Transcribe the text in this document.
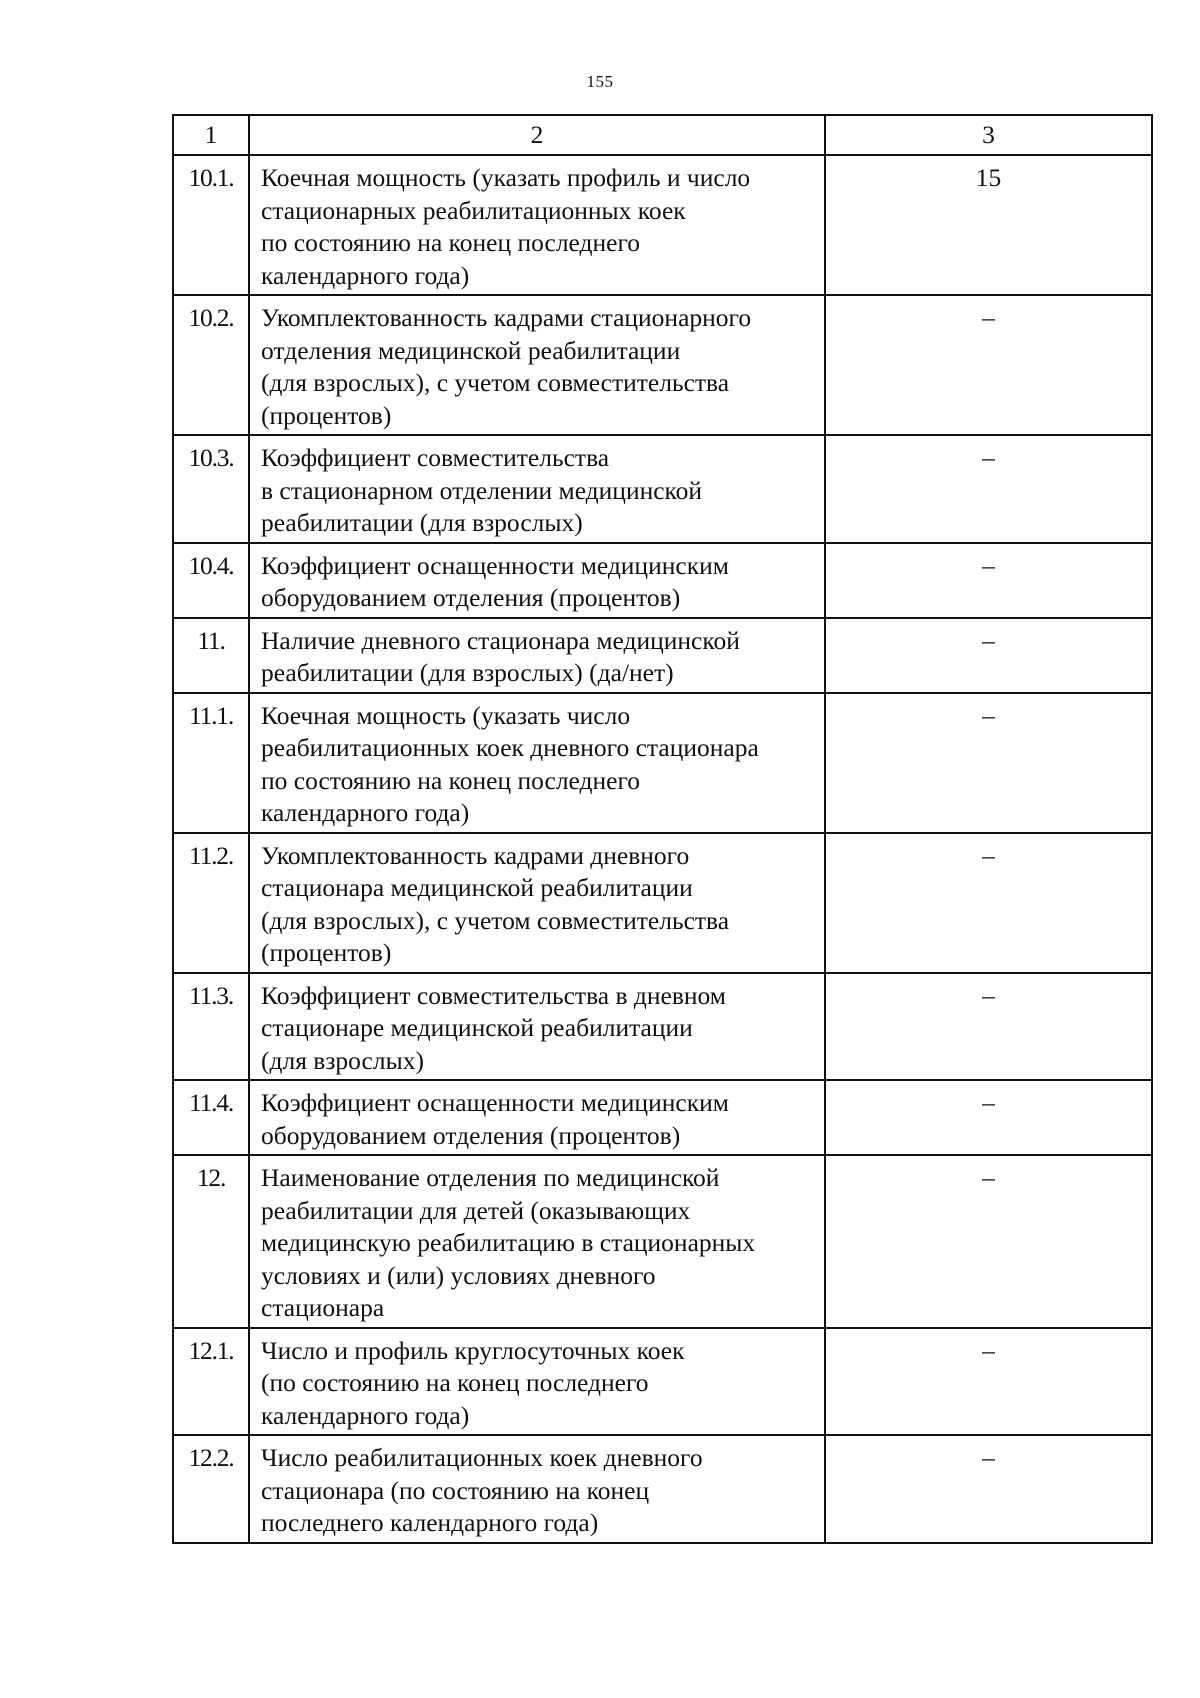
155
1	2	3
10.1.	Коечная мощность (указать профиль и число
стационарных реабилитационных коек
по состоянию на конец последнего
календарного года)	15
10.2.	Укомплектованность кадрами стационарного
отделения медицинской реабилитации
(для взрослых), с учетом совместительства
(процентов)	–
10.3.	Коэффициент совместительства
в стационарном отделении медицинской
реабилитации (для взрослых)	–
10.4.	Коэффициент оснащенности медицинским
оборудованием отделения (процентов)	–
11.	Наличие дневного стационара медицинской
реабилитации (для взрослых) (да/нет)	–
11.1.	Коечная мощность (указать число
реабилитационных коек дневного стационара
по состоянию на конец последнего
календарного года)	–
11.2.	Укомплектованность кадрами дневного
стационара медицинской реабилитации
(для взрослых), с учетом совместительства
(процентов)	–
11.3.	Коэффициент совместительства в дневном
стационаре медицинской реабилитации
(для взрослых)	–
11.4.	Коэффициент оснащенности медицинским
оборудованием отделения (процентов)	–
12.	Наименование отделения по медицинской
реабилитации для детей (оказывающих
медицинскую реабилитацию в стационарных
условиях и (или) условиях дневного
стационара	–
12.1.	Число и профиль круглосуточных коек
(по состоянию на конец последнего
календарного года)	–
12.2.	Число реабилитационных коек дневного
стационара (по состоянию на конец
последнего календарного года)	–
